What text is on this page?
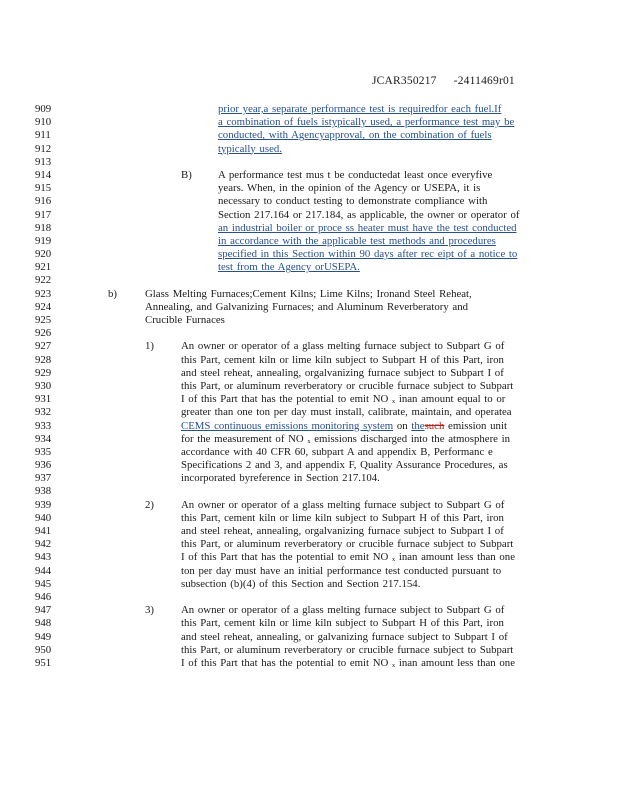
JCAR350217 -2411469r01
909	prior year,a separate performance test is requiredfor each fuel.If
910	a combination of fuels istypically used, a performance test may be
911	conducted, with Agencyapproval, on the combination of fuels
912	typically used.
913
914	B) A performance test mus t be conductedat least once everyfive
915	years. When, in the opinion of the Agency or USEPA, it is
916	necessary to conduct testing to demonstrate compliance with
917	Section 217.164 or 217.184, as applicable, the owner or operator of
918	an industrial boiler or proce ss heater must have the test conducted
919	in accordance with the applicable test methods and procedures
920	specified in this Section within 90 days after rec eipt of a notice to
921	test from the Agency orUSEPA.
922
923	b)	Glass Melting Furnaces;Cement Kilns; Lime Kilns; Ironand Steel Reheat,
924	Annealing, and Galvanizing Furnaces; and Aluminum Reverberatory and
925	Crucible Furnaces
926
927	1)	An owner or operator of a glass melting furnace subject to Subpart G of
928	this Part, cement kiln or lime kiln subject to Subpart H of this Part, iron
929	and steel reheat, annealing, orgalvanizing furnace subject to Subpart I of
930	this Part, or aluminum reverberatory or crucible furnace subject to Subpart
931	I of this Part that has the potential to emit NO ₓ inan amount equal to or
932	greater than one ton per day must install, calibrate, maintain, and operatea
933	CEMS continuous emissions monitoring system on thesuch emission unit
934	for the measurement of NO ₓ emissions discharged into the atmosphere in
935	accordance with 40 CFR 60, subpart A and appendix B, Performanc e
936	Specifications 2 and 3, and appendix F, Quality Assurance Procedures, as
937	incorporated byreference in Section 217.104.
938
939	2)	An owner or operator of a glass melting furnace subject to Subpart G of
940	this Part, cement kiln or lime kiln subject to Subpart H of this Part, iron
941	and steel reheat, annealing, orgalvanizing furnace subject to Subpart I of
942	this Part, or aluminum reverberatory or crucible furnace subject to Subpart
943	I of this Part that has the potential to emit NO ₓ inan amount less than one
944	ton per day must have an initial performance test conducted pursuant to
945	subsection (b)(4) of this Section and Section 217.154.
946
947	3)	An owner or operator of a glass melting furnace subject to Subpart G of
948	this Part, cement kiln or lime kiln subject to Subpart H of this Part, iron
949	and steel reheat, annealing, or galvanizing furnace subject to Subpart I of
950	this Part, or aluminum reverberatory or crucible furnace subject to Subpart
951	I of this Part that has the potential to emit NO ₓ inan amount less than one
